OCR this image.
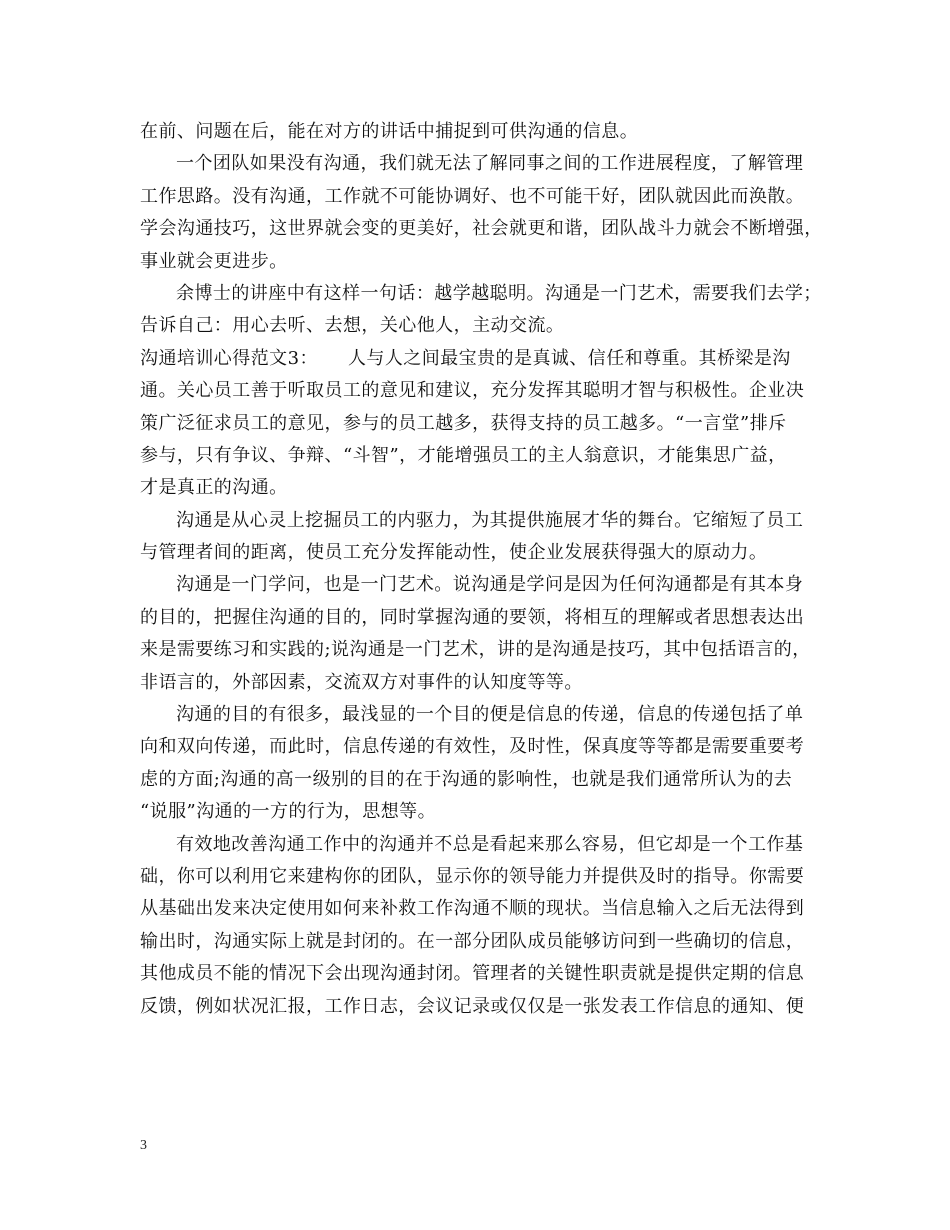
在前、问题在后，能在对方的讲话中捕捉到可供沟通的信息。
一个团队如果没有沟通，我们就无法了解同事之间的工作进展程度，了解管理
工作思路。没有沟通，工作就不可能协调好、也不可能干好，团队就因此而涣散。
学会沟通技巧，这世界就会变的更美好，社会就更和谐，团队战斗力就会不断增强，
事业就会更进步。
余博士的讲座中有这样一句话：越学越聪明。沟通是一门艺术，需要我们去学；
告诉自己：用心去听、去想，关心他人，主动交流。
沟通培训心得范文3： 人与人之间最宝贵的是真诚、信任和尊重。其桥梁是沟
通。关心员工善于听取员工的意见和建议，充分发挥其聪明才智与积极性。企业决
策广泛征求员工的意见，参与的员工越多，获得支持的员工越多。“一言堂”排斥
参与，只有争议、争辩、“斗智”，才能增强员工的主人翁意识，才能集思广益，
才是真正的沟通。
沟通是从心灵上挖掘员工的内驱力，为其提供施展才华的舞台。它缩短了员工
与管理者间的距离，使员工充分发挥能动性，使企业发展获得强大的原动力。
沟通是一门学问，也是一门艺术。说沟通是学问是因为任何沟通都是有其本身
的目的，把握住沟通的目的，同时掌握沟通的要领，将相互的理解或者思想表达出
来是需要练习和实践的;说沟通是一门艺术，讲的是沟通是技巧，其中包括语言的，
非语言的，外部因素，交流双方对事件的认知度等等。
沟通的目的有很多，最浅显的一个目的便是信息的传递，信息的传递包括了单
向和双向传递，而此时，信息传递的有效性，及时性，保真度等等都是需要重要考
虑的方面;沟通的高一级别的目的在于沟通的影响性，也就是我们通常所认为的去
“说服”沟通的一方的行为，思想等。
有效地改善沟通工作中的沟通并不总是看起来那么容易，但它却是一个工作基
础，你可以利用它来建构你的团队，显示你的领导能力并提供及时的指导。你需要
从基础出发来决定使用如何来补救工作沟通不顺的现状。当信息输入之后无法得到
输出时，沟通实际上就是封闭的。在一部分团队成员能够访问到一些确切的信息，
其他成员不能的情况下会出现沟通封闭。管理者的关键性职责就是提供定期的信息
反馈，例如状况汇报，工作日志，会议记录或仅仅是一张发表工作信息的通知、便
3
